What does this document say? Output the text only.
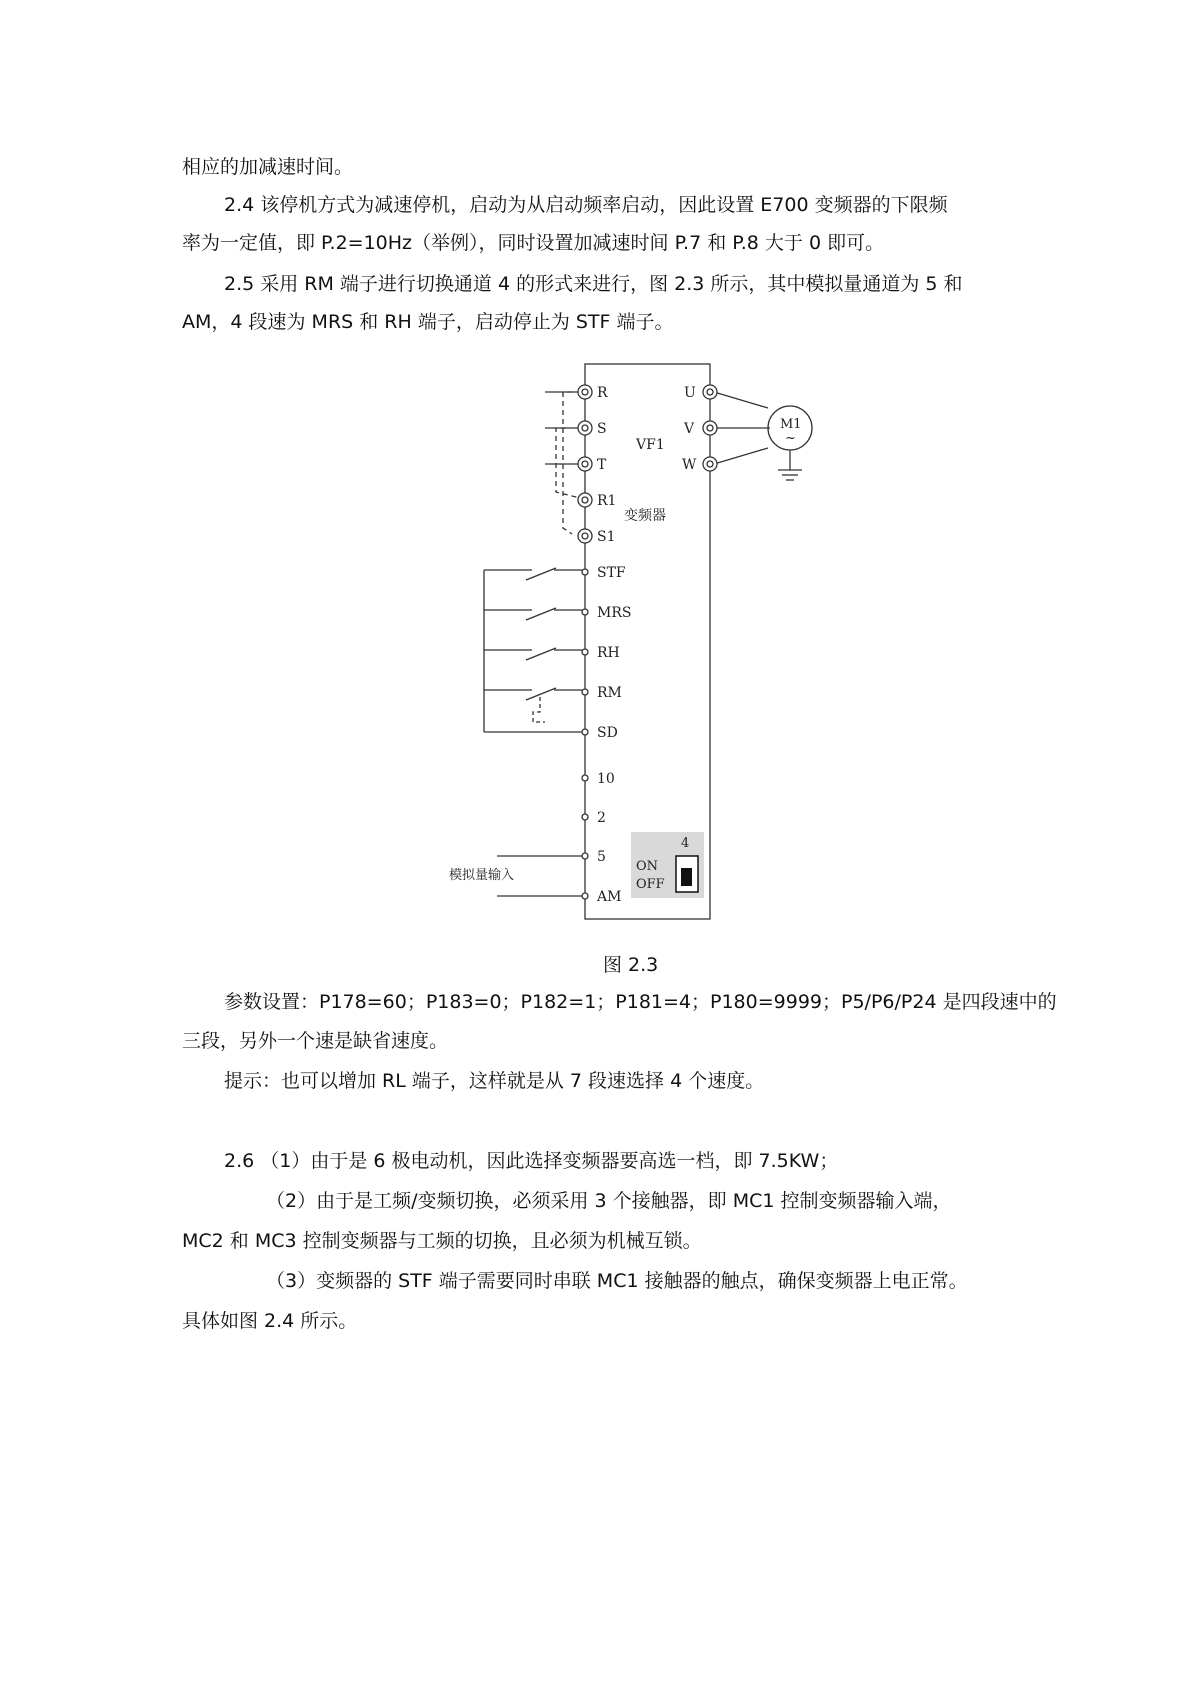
相应的加减速时间。
2.4 该停机方式为减速停机，启动为从启动频率启动，因此设置 E700 变频器的下限频
率为一定值，即 P.2=10Hz（举例），同时设置加减速时间 P.7 和 P.8 大于 0 即可。
2.5 采用 RM 端子进行切换通道 4 的形式来进行，图 2.3 所示，其中模拟量通道为 5 和
AM，4 段速为 MRS 和 RH 端子，启动停止为 STF 端子。
R
S
T
R1
S1
U
V
W
VF1
变频器
M1
~
STF
MRS
RH
RM
SD
10
2
5
AM
模拟量输入
4
ON
OFF
图 2.3
参数设置：P178=60；P183=0；P182=1；P181=4；P180=9999；P5/P6/P24 是四段速中的
三段，另外一个速是缺省速度。
提示：也可以增加 RL 端子，这样就是从 7 段速选择 4 个速度。
2.6 （1）由于是 6 极电动机，因此选择变频器要高选一档，即 7.5KW；
（2）由于是工频/变频切换，必须采用 3 个接触器，即 MC1 控制变频器输入端，
MC2 和 MC3 控制变频器与工频的切换，且必须为机械互锁。
（3）变频器的 STF 端子需要同时串联 MC1 接触器的触点，确保变频器上电正常。
具体如图 2.4 所示。
